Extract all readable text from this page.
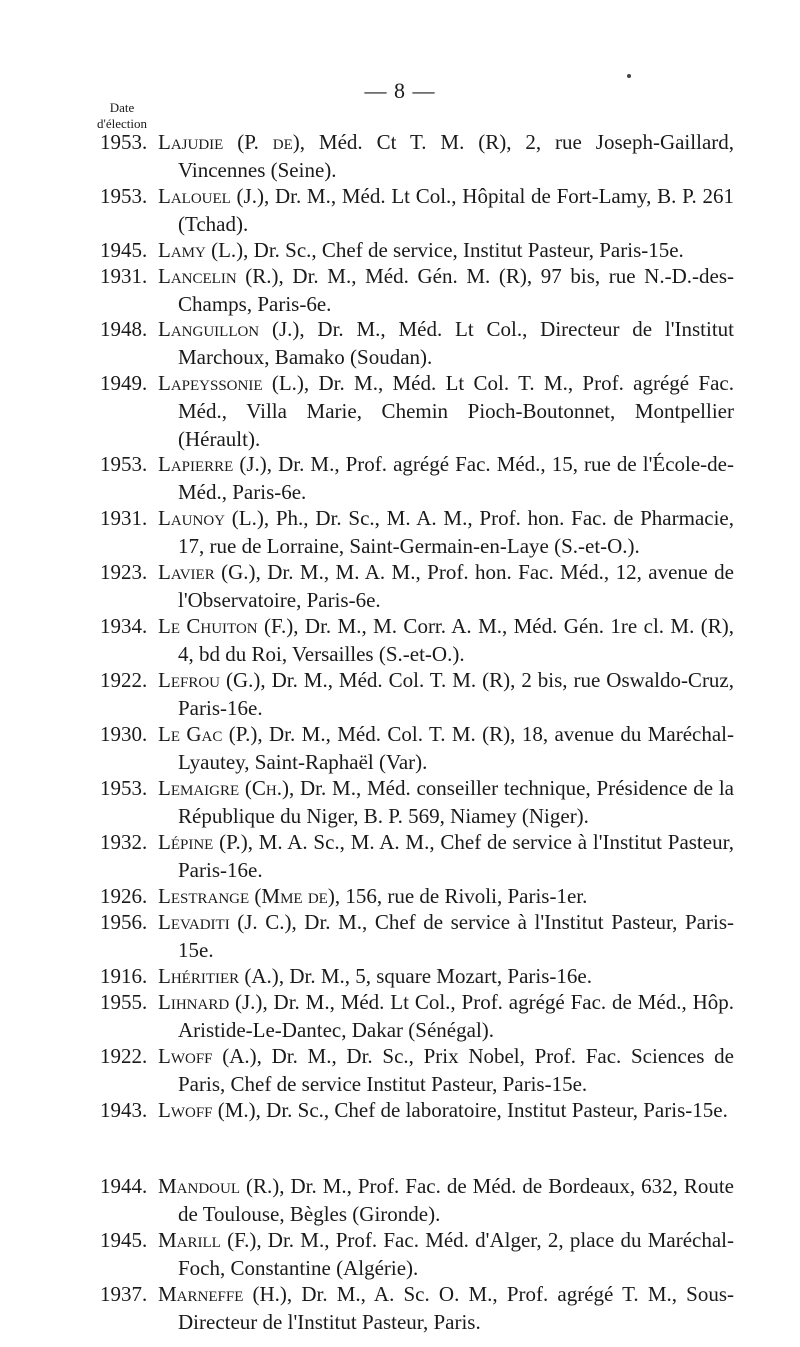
— 8 —
Date
d'élection
1953. Lajudie (P. de), Méd. Ct T. M. (R), 2, rue Joseph-Gaillard, Vincennes (Seine).
1953. Lalouel (J.), Dr. M., Méd. Lt Col., Hôpital de Fort-Lamy, B. P. 261 (Tchad).
1945. Lamy (L.), Dr. Sc., Chef de service, Institut Pasteur, Paris-15e.
1931. Lancelin (R.), Dr. M., Méd. Gén. M. (R), 97 bis, rue N.-D.-des-Champs, Paris-6e.
1948. Languillon (J.), Dr. M., Méd. Lt Col., Directeur de l'Institut Marchoux, Bamako (Soudan).
1949. Lapeyssonie (L.), Dr. M., Méd. Lt Col. T. M., Prof. agrégé Fac. Méd., Villa Marie, Chemin Pioch-Boutonnet, Montpellier (Hérault).
1953. Lapierre (J.), Dr. M., Prof. agrégé Fac. Méd., 15, rue de l'École-de-Méd., Paris-6e.
1931. Launoy (L.), Ph., Dr. Sc., M. A. M., Prof. hon. Fac. de Pharmacie, 17, rue de Lorraine, Saint-Germain-en-Laye (S.-et-O.).
1923. Lavier (G.), Dr. M., M. A. M., Prof. hon. Fac. Méd., 12, avenue de l'Observatoire, Paris-6e.
1934. Le Chuiton (F.), Dr. M., M. Corr. A. M., Méd. Gén. 1re cl. M. (R), 4, bd du Roi, Versailles (S.-et-O.).
1922. Lefrou (G.), Dr. M., Méd. Col. T. M. (R), 2 bis, rue Oswaldo-Cruz, Paris-16e.
1930. Le Gac (P.), Dr. M., Méd. Col. T. M. (R), 18, avenue du Maréchal-Lyautey, Saint-Raphaël (Var).
1953. Lemaigre (Ch.), Dr. M., Méd. conseiller technique, Présidence de la République du Niger, B. P. 569, Niamey (Niger).
1932. Lépine (P.), M. A. Sc., M. A. M., Chef de service à l'Institut Pasteur, Paris-16e.
1926. Lestrange (Mme de), 156, rue de Rivoli, Paris-1er.
1956. Levaditi (J. C.), Dr. M., Chef de service à l'Institut Pasteur, Paris-15e.
1916. Lhéritier (A.), Dr. M., 5, square Mozart, Paris-16e.
1955. Lihnard (J.), Dr. M., Méd. Lt Col., Prof. agrégé Fac. de Méd., Hôp. Aristide-Le-Dantec, Dakar (Sénégal).
1922. Lwoff (A.), Dr. M., Dr. Sc., Prix Nobel, Prof. Fac. Sciences de Paris, Chef de service Institut Pasteur, Paris-15e.
1943. Lwoff (M.), Dr. Sc., Chef de laboratoire, Institut Pasteur, Paris-15e.
1944. Mandoul (R.), Dr. M., Prof. Fac. de Méd. de Bordeaux, 632, Route de Toulouse, Bègles (Gironde).
1945. Marill (F.), Dr. M., Prof. Fac. Méd. d'Alger, 2, place du Maréchal-Foch, Constantine (Algérie).
1937. Marneffe (H.), Dr. M., A. Sc. O. M., Prof. agrégé T. M., Sous-Directeur de l'Institut Pasteur, Paris.
